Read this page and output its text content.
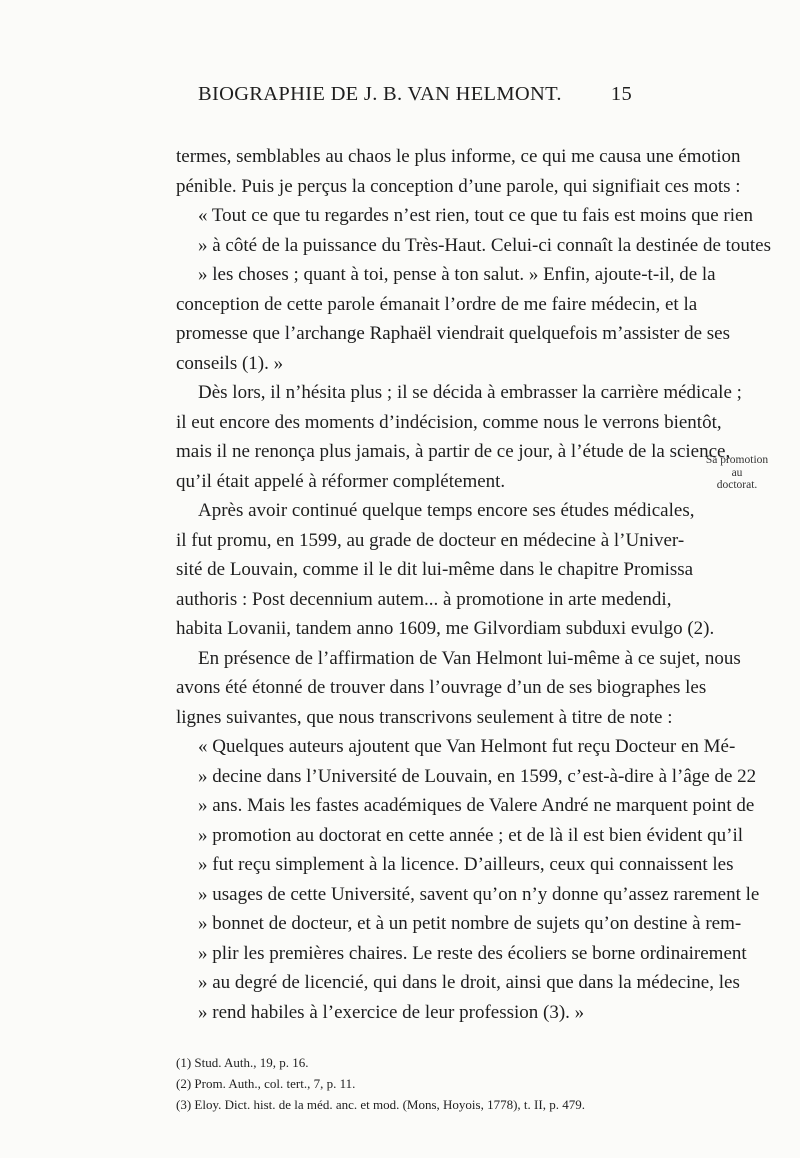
BIOGRAPHIE DE J. B. VAN HELMONT. 15
termes, semblables au chaos le plus informe, ce qui me causa une émotion
pénible. Puis je perçus la conception d’une parole, qui signifiait ces mots :
« Tout ce que tu regardes n’est rien, tout ce que tu fais est moins que rien
» à côté de la puissance du Très-Haut. Celui-ci connaît la destinée de toutes
» les choses ; quant à toi, pense à ton salut. » Enfin, ajoute-t-il, de la
conception de cette parole émanait l’ordre de me faire médecin, et la
promesse que l’archange Raphaël viendrait quelquefois m’assister de ses
conseils (1). »
Dès lors, il n’hésita plus ; il se décida à embrasser la carrière médicale ;
il eut encore des moments d’indécision, comme nous le verrons bientôt,
mais il ne renonça plus jamais, à partir de ce jour, à l’étude de la science,
qu’il était appelé à réformer complétement.
Après avoir continué quelque temps encore ses études médicales,
il fut promu, en 1599, au grade de docteur en médecine à l’Univer-
sité de Louvain, comme il le dit lui-même dans le chapitre Promissa
authoris : Post decennium autem... à promotione in arte medendi,
habita Lovanii, tandem anno 1609, me Gilvordiam subduxi evulgo (2).
En présence de l’affirmation de Van Helmont lui-même à ce sujet, nous
avons été étonné de trouver dans l’ouvrage d’un de ses biographes les
lignes suivantes, que nous transcrivons seulement à titre de note :
« Quelques auteurs ajoutent que Van Helmont fut reçu Docteur en Mé-
» decine dans l’Université de Louvain, en 1599, c’est-à-dire à l’âge de 22
» ans. Mais les fastes académiques de Valere André ne marquent point de
» promotion au doctorat en cette année ; et de là il est bien évident qu’il
» fut reçu simplement à la licence. D’ailleurs, ceux qui connaissent les
» usages de cette Université, savent qu’on n’y donne qu’assez rarement le
» bonnet de docteur, et à un petit nombre de sujets qu’on destine à rem-
» plir les premières chaires. Le reste des écoliers se borne ordinairement
» au degré de licencié, qui dans le droit, ainsi que dans la médecine, les
» rend habiles à l’exercice de leur profession (3). »
Sa promotion
au
doctorat.
(1) Stud. Auth., 19, p. 16.
(2) Prom. Auth., col. tert., 7, p. 11.
(3) Eloy. Dict. hist. de la méd. anc. et mod. (Mons, Hoyois, 1778), t. II, p. 479.
